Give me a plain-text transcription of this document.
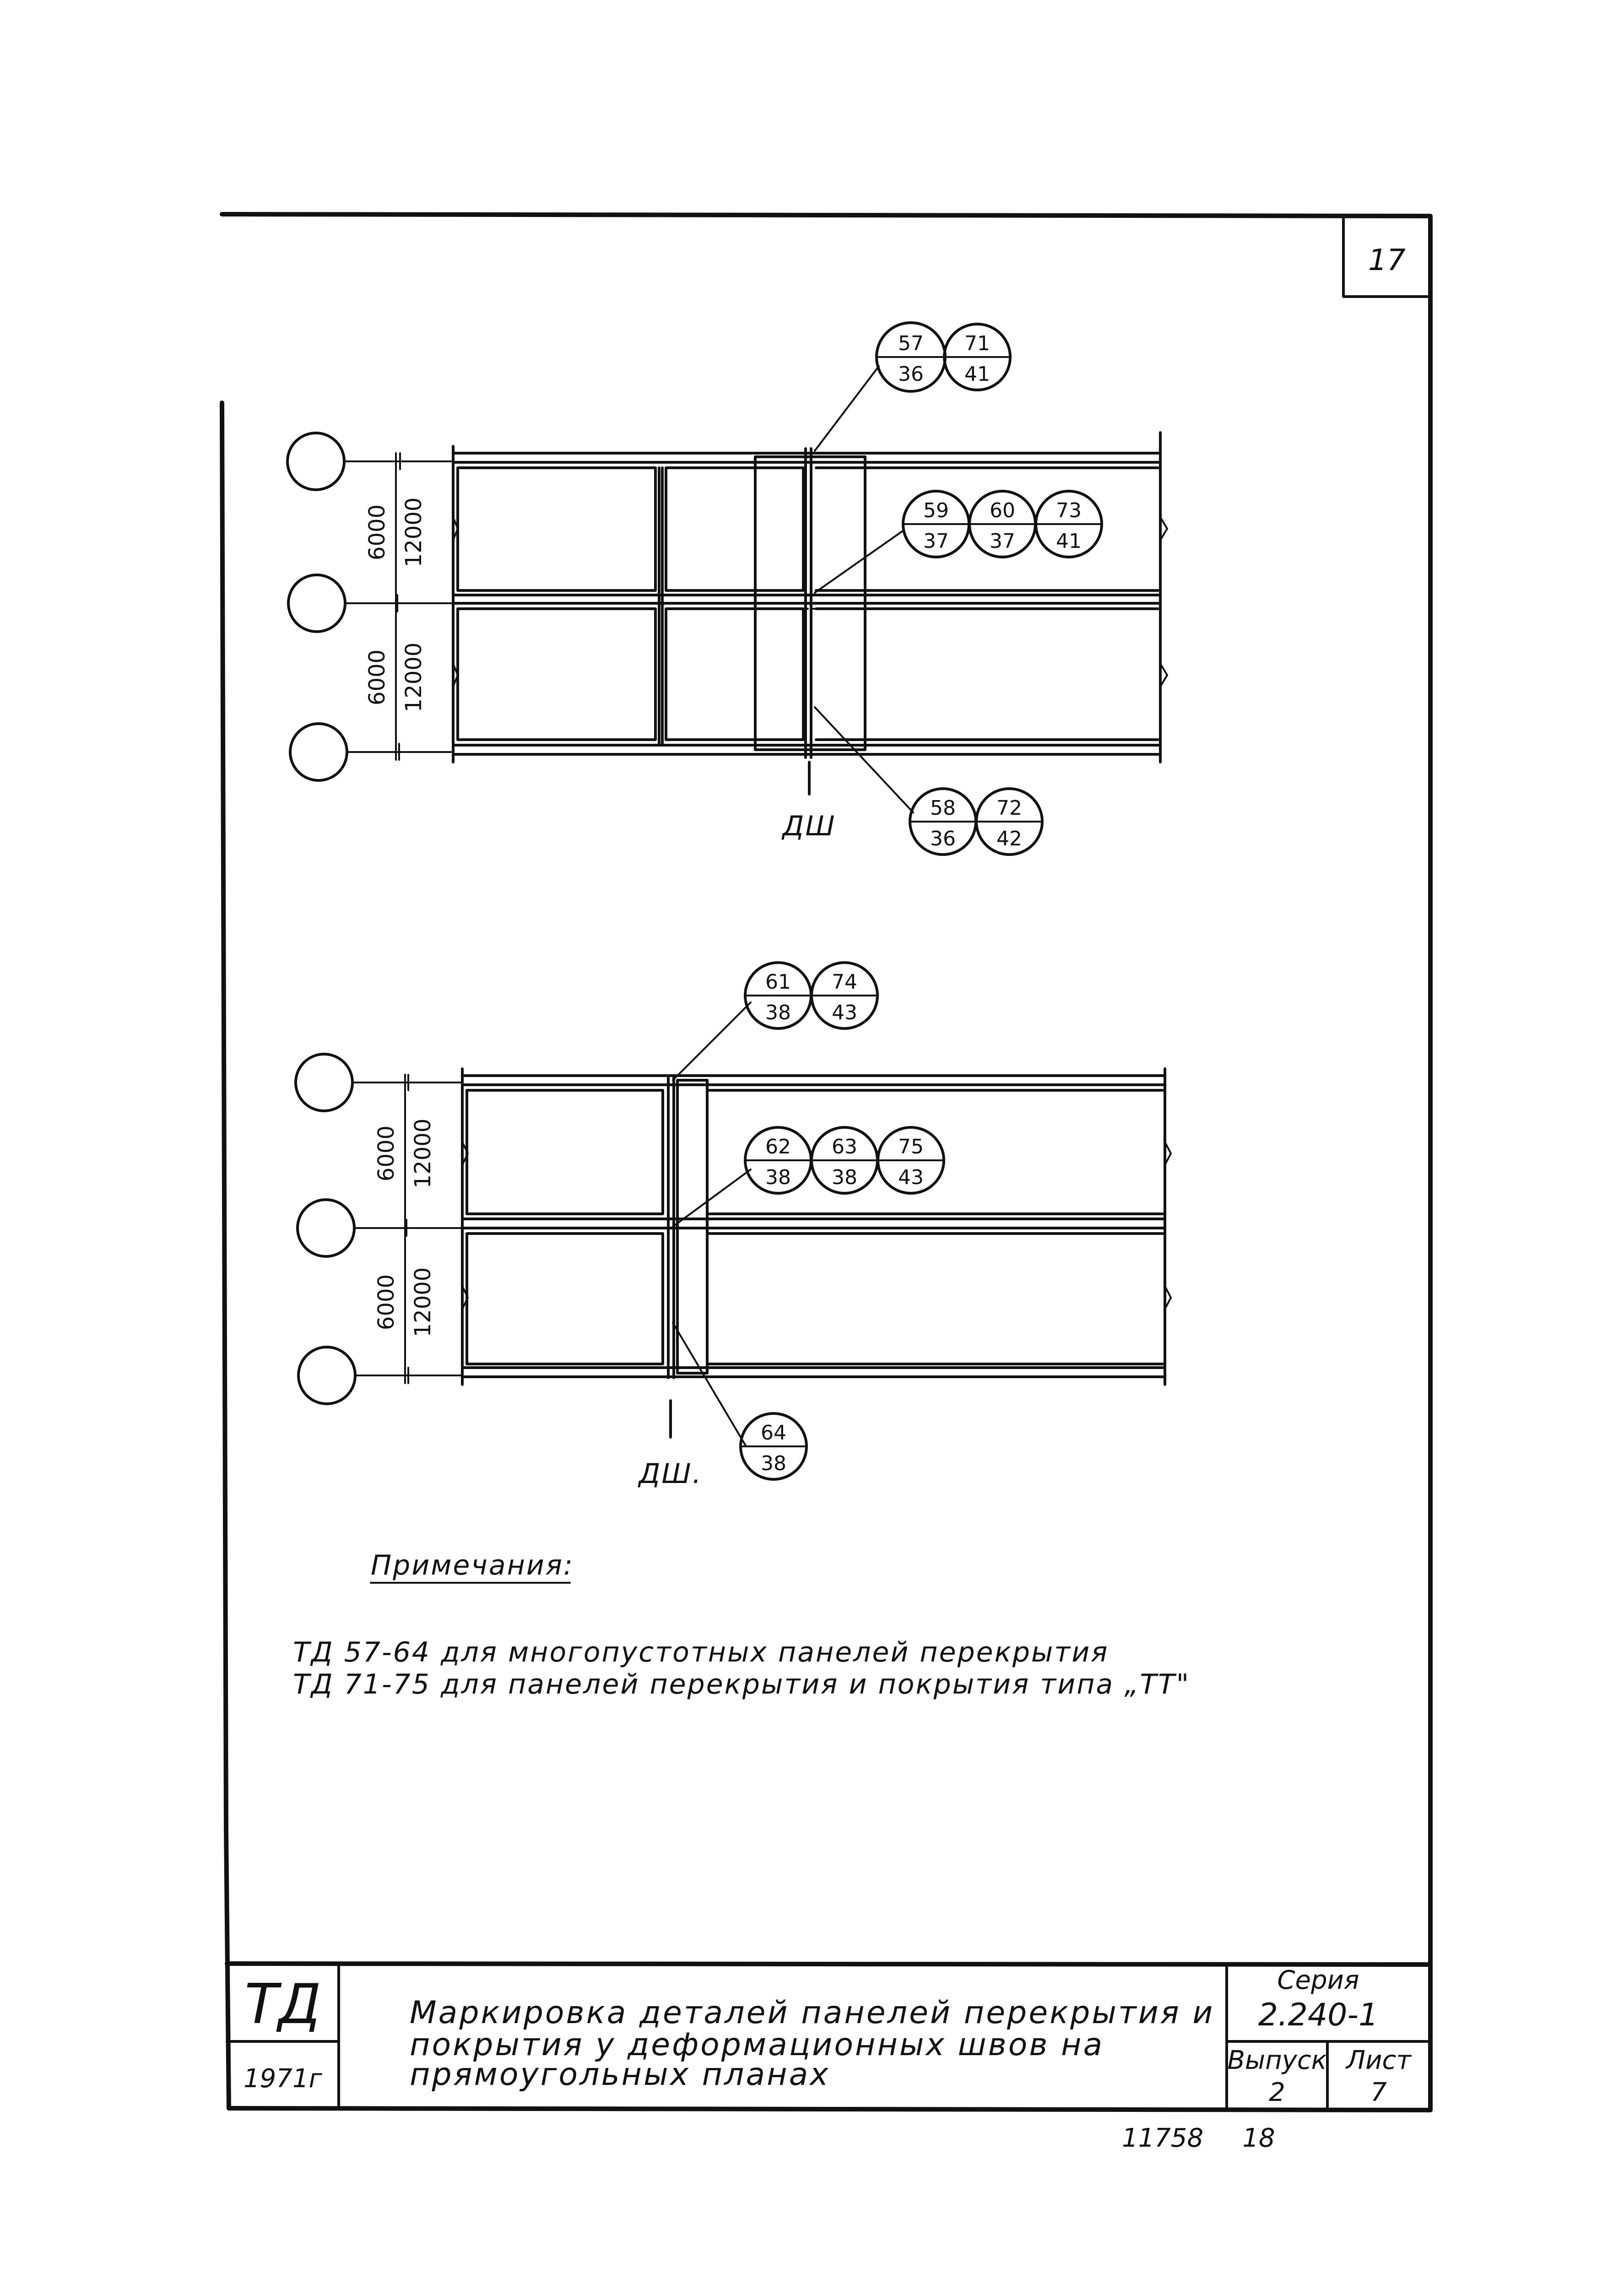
17
6000 12000
6000 12000
ДШ
57
36
71
41
59
37
60
37
73
41
58
36
72
42
6000 12000
6000 12000
ДШ.
61
38
74
43
62
38
63
38
75
43
64
38
Примечания:
ТД 57-64 для многопустотных панелей перекрытия
ТД 71-75 для панелей перекрытия и покрытия типа „ТТ"
ТД
1971г
Маркировка деталей панелей перекрытия и
покрытия у деформационных швов на
прямоугольных планах
Серия
2.240-1
Выпуск
2
Лист
7
11758 18
